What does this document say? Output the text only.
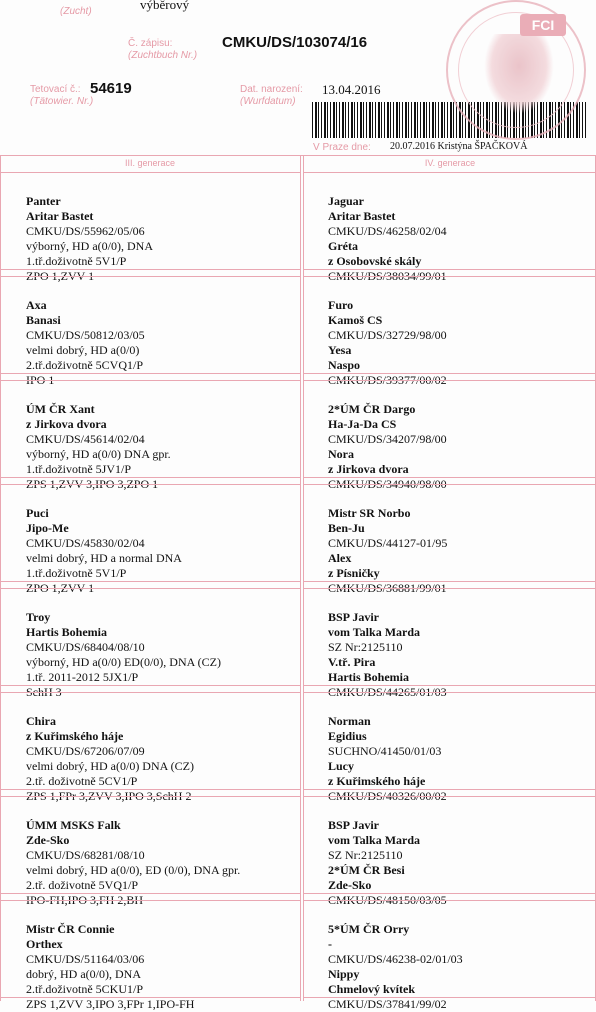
(Zucht)	výběrový
Č. zápisu:
(Zuchtbuch Nr.)
CMKU/DS/103074/16
Tetovací č.:
(Tätowier. Nr.)
54619	Dat. narození:
(Wurfdatum)
13.04.2016
V Praze dne: 20.07.2016 Kristýna ŠPAČKOVÁ
FCI
III. generace	IV. generace
Panter
Aritar Bastet
CMKU/DS/55962/05/06
výborný, HD a(0/0), DNA
1.tř.doživotně 5V1/P
ZPO 1,ZVV 1
Jaguar
Aritar Bastet
CMKU/DS/46258/02/04
Gréta
z Osobovské skály
CMKU/DS/38034/99/01
Axa
Banasi
CMKU/DS/50812/03/05
velmi dobrý, HD a(0/0)
2.tř.doživotně 5CVQ1/P
IPO 1
Furo
Kamoš CS
CMKU/DS/32729/98/00
Yesa
Naspo
CMKU/DS/39377/00/02
ÚM ČR Xant
z Jirkova dvora
CMKU/DS/45614/02/04
výborný, HD a(0/0) DNA gpr.
1.tř.doživotně 5JV1/P
ZPS 1,ZVV 3,IPO 3,ZPO 1
2*ÚM ČR Dargo
Ha-Ja-Da CS
CMKU/DS/34207/98/00
Nora
z Jirkova dvora
CMKU/DS/34940/98/00
Puci
Jipo-Me
CMKU/DS/45830/02/04
velmi dobrý, HD a normal DNA
1.tř.doživotně 5V1/P
ZPO 1,ZVV 1
Mistr SR Norbo
Ben-Ju
CMKU/DS/44127-01/95
Alex
z Písničky
CMKU/DS/36881/99/01
Troy
Hartis Bohemia
CMKU/DS/68404/08/10
výborný, HD a(0/0) ED(0/0), DNA (CZ)
1.tř. 2011-2012 5JX1/P
SchH 3
BSP Javir
vom Talka Marda
SZ Nr:2125110
V.tř. Pira
Hartis Bohemia
CMKU/DS/44265/01/03
Chira
z Kuřimského háje
CMKU/DS/67206/07/09
velmi dobrý, HD a(0/0) DNA (CZ)
2.tř. doživotně 5CV1/P
ZPS 1,FPr 3,ZVV 3,IPO 3,SchH 2
Norman
Egidius
SUCHNO/41450/01/03
Lucy
z Kuřimského háje
CMKU/DS/40326/00/02
ÚMM MSKS Falk
Zde-Sko
CMKU/DS/68281/08/10
velmi dobrý, HD a(0/0), ED (0/0), DNA gpr.
2.tř. doživotně 5VQ1/P
IPO-FH,IPO 3,FH 2,BH
BSP Javir
vom Talka Marda
SZ Nr:2125110
2*ÚM ČR Besi
Zde-Sko
CMKU/DS/48150/03/05
Mistr ČR Connie
Orthex
CMKU/DS/51164/03/06
dobrý, HD a(0/0), DNA
2.tř.doživotně 5CKU1/P
ZPS 1,ZVV 3,IPO 3,FPr 1,IPO-FH
5*ÚM ČR Orry
-
CMKU/DS/46238-02/01/03
Nippy
Chmelový kvítek
CMKU/DS/37841/99/02
